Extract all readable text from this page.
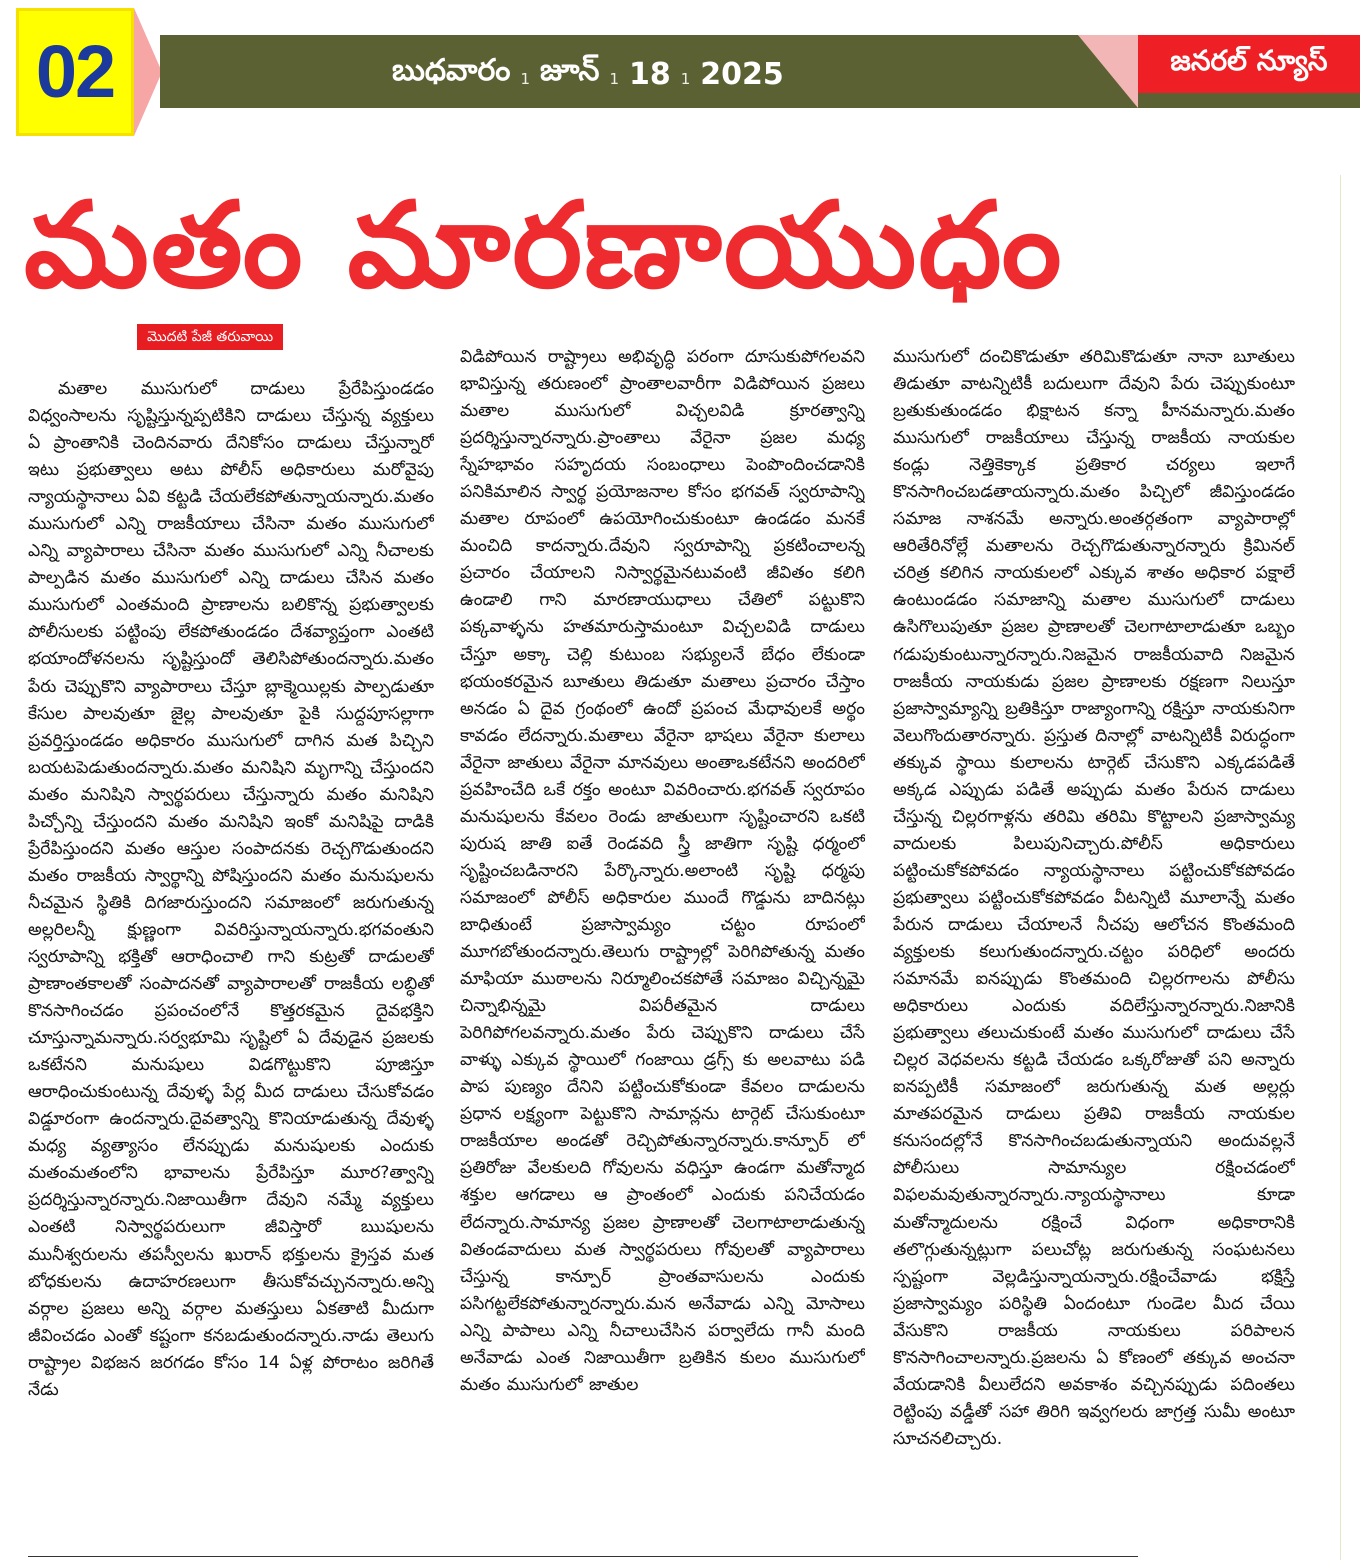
02	బుధవారం 1 జూన్ 1 18 1 2025	జనరల్ న్యూస్
మతం మారణాయుధం
మొదటి పేజీ తరువాయి

మతాల ముసుగులో దాడులు ప్రేరేపిస్తుండడం విధ్వంసాలను సృష్టిస్తున్నప్పటికిని దాడులు చేస్తున్న వ్యక్తులు ఏ ప్రాంతానికి చెందినవారు దేనికోసం దాడులు చేస్తున్నారో ఇటు ప్రభుత్వాలు అటు పోలీస్ అధికారులు మరోవైపు న్యాయస్థానాలు ఏవి కట్టడి చేయలేకపోతున్నాయన్నారు.మతం ముసుగులో ఎన్ని రాజకీయాలు చేసినా మతం ముసుగులో ఎన్ని వ్యాపారాలు చేసినా మతం ముసుగులో ఎన్ని నీచాలకు పాల్పడిన మతం ముసుగులో ఎన్ని దాడులు చేసిన మతం ముసుగులో ఎంతమంది ప్రాణాలను బలికొన్న ప్రభుత్వాలకు పోలీసులకు పట్టింపు లేకపోతుండడం దేశవ్యాప్తంగా ఎంతటి భయాందోళనలను సృష్టిస్తుందో తెలిసిపోతుందన్నారు.మతం పేరు చెప్పుకొని వ్యాపారాలు చేస్తూ బ్లాక్మెయిల్లకు పాల్పడుతూ కేసుల పాలవుతూ జైల్ల పాలవుతూ పైకి సుద్దపూసల్లాగా ప్రవర్తిస్తుండడం అధికారం ముసుగులో దాగిన మత పిచ్చిని బయటపెడుతుందన్నారు.మతం మనిషిని మృగాన్ని చేస్తుందని మతం మనిషిని స్వార్థపరులు చేస్తున్నారు మతం మనిషిని పిచ్చోన్ని చేస్తుందని మతం మనిషిని ఇంకో మనిషిపై దాడికి ప్రేరేపిస్తుందని మతం ఆస్తుల సంపాదనకు రెచ్చగొడుతుందని మతం రాజకీయ స్వార్థాన్ని పోషిస్తుందని మతం మనుషులను నీచమైన స్థితికి దిగజారుస్తుందని సమాజంలో జరుగుతున్న అల్లరిలన్నీ క్షుణ్ణంగా వివరిస్తున్నాయన్నారు.భగవంతుని స్వరూపాన్ని భక్తితో ఆరాధించాలి గాని కుట్రతో దాడులతో ప్రాణాంతకాలతో సంపాదనతో వ్యాపారాలతో రాజకీయ లబ్ధితో కొనసాగించడం ప్రపంచంలోనే కొత్తరకమైన దైవభక్తిని చూస్తున్నామన్నారు.సర్వభూమి సృష్టిలో ఏ దేవుడైన ప్రజలకు ఒకటేనని మనుషులు విడగొట్టుకొని పూజిస్తూ ఆరాధించుకుంటున్న దేవుళ్ళ పేర్ల మీద దాడులు చేసుకోవడం విడ్డూరంగా ఉందన్నారు.దైవత్వాన్ని కొనియాడుతున్న దేవుళ్ళ మధ్య వ్యత్యాసం లేనప్పుడు మనుషులకు ఎందుకు మతంమతంలోని భావాలను ప్రేరేపిస్తూ మూర?త్వాన్ని ప్రదర్శిస్తున్నారన్నారు.నిజాయితీగా దేవుని నమ్మే వ్యక్తులు ఎంతటి నిస్వార్థపరులుగా జీవిస్తారో ఋషులను మునీశ్వరులను తపస్వీలను ఖురాన్ భక్తులను క్రైస్తవ మత బోధకులను ఉదాహరణలుగా తీసుకోవచ్చునన్నారు.అన్ని వర్గాల ప్రజలు అన్ని వర్గాల మతస్తులు ఏకతాటి మీదుగా జీవించడం ఎంతో కష్టంగా కనబడుతుందన్నారు.నాడు తెలుగు రాష్ట్రాల విభజన జరగడం కోసం 14 ఏళ్ల పోరాటం జరిగితే నేడు

విడిపోయిన రాష్ట్రాలు అభివృద్ధి పరంగా దూసుకుపోగలవని భావిస్తున్న తరుణంలో ప్రాంతాలవారీగా విడిపోయిన ప్రజలు మతాల ముసుగులో విచ్చలవిడి క్రూరత్వాన్ని ప్రదర్శిస్తున్నారన్నారు.ప్రాంతాలు వేరైనా ప్రజల మధ్య స్నేహభావం సహృదయ సంబంధాలు పెంపొందించడానికి పనికిమాలిన స్వార్థ ప్రయోజనాల కోసం భగవత్ స్వరూపాన్ని మతాల రూపంలో ఉపయోగించుకుంటూ ఉండడం మనకే మంచిది కాదన్నారు.దేవుని స్వరూపాన్ని ప్రకటించాలన్న ప్రచారం చేయాలని నిస్వార్థమైనటువంటి జీవితం కలిగి ఉండాలి గాని మారణాయుధాలు చేతిలో పట్టుకొని పక్కవాళ్ళను హతమారుస్తామంటూ విచ్చలవిడి దాడులు చేస్తూ అక్కా చెల్లి కుటుంబ సభ్యులనే బేధం లేకుండా భయంకరమైన బూతులు తిడుతూ మతాలు ప్రచారం చేస్తాం అనడం ఏ దైవ గ్రంథంలో ఉందో ప్రపంచ మేధావులకే అర్థం కావడం లేదన్నారు.మతాలు వేరైనా భాషలు వేరైనా కులాలు వేరైనా జాతులు వేరైనా మానవులు అంతాఒకటేనని అందరిలో ప్రవహించేది ఒకే రక్తం అంటూ వివరించారు.భగవత్ స్వరూపం మనుషులను కేవలం రెండు జాతులుగా సృష్టించారని ఒకటి పురుష జాతి ఐతే రెండవది స్త్రీ జాతిగా సృష్టి ధర్మంలో సృష్టించబడినారని పేర్కొన్నారు.అలాంటి సృష్టి ధర్మపు సమాజంలో పోలీస్ అధికారుల ముందే గొడ్డును బాదినట్లు బాధితుంటే ప్రజాస్వామ్యం చట్టం రూపంలో మూగబోతుందన్నారు.తెలుగు రాష్ట్రాల్లో పెరిగిపోతున్న మతం మాఫియా ముఠాలను నిర్మూలించకపోతే సమాజం విచ్చిన్నమై చిన్నాభిన్నమై విపరీతమైన దాడులు పెరిగిపోగలవన్నారు.మతం పేరు చెప్పుకొని దాడులు చేసే వాళ్ళు ఎక్కువ స్థాయిలో గంజాయి డ్రగ్స్ కు అలవాటు పడి పాప పుణ్యం దేనిని పట్టించుకోకుండా కేవలం దాడులను ప్రధాన లక్ష్యంగా పెట్టుకొని సామాన్లను టార్గెట్ చేసుకుంటూ రాజకీయాల అండతో రెచ్చిపోతున్నారన్నారు.కాన్పూర్ లో ప్రతిరోజు వేలకులది గోవులను వధిస్తూ ఉండగా మతోన్మాద శక్తుల ఆగడాలు ఆ ప్రాంతంలో ఎందుకు పనిచేయడం లేదన్నారు.సామాన్య ప్రజల ప్రాణాలతో చెలగాటాలాడుతున్న వితండవాదులు మత స్వార్థపరులు గోవులతో వ్యాపారాలు చేస్తున్న కాన్పూర్ ప్రాంతవాసులను ఎందుకు పసిగట్టలేకపోతున్నారన్నారు.మన అనేవాడు ఎన్ని మోసాలు ఎన్ని పాపాలు ఎన్ని నీచాలుచేసిన పర్వాలేదు గానీ మంది అనేవాడు ఎంత నిజాయితీగా బ్రతికిన కులం ముసుగులో మతం ముసుగులో జాతుల

ముసుగులో దంచికొడుతూ తరిమికొడుతూ నానా బూతులు తిడుతూ వాటన్నిటికీ బదులుగా దేవుని పేరు చెప్పుకుంటూ బ్రతుకుతుండడం భిక్షాటన కన్నా హీనమన్నారు.మతం ముసుగులో రాజకీయాలు చేస్తున్న రాజకీయ నాయకుల కండ్లు నెత్తికెక్కాక ప్రతికార చర్యలు ఇలాగే కొనసాగించబడతాయన్నారు.మతం పిచ్చిలో జీవిస్తుండడం సమాజ నాశనమే అన్నారు.అంతర్గతంగా వ్యాపారాల్లో ఆరితేరినోల్లే మతాలను రెచ్చగొడుతున్నారన్నారు క్రిమినల్ చరిత్ర కలిగిన నాయకులలో ఎక్కువ శాతం అధికార పక్షాలే ఉంటుండడం సమాజాన్ని మతాల ముసుగులో దాడులు ఉసిగొలుపుతూ ప్రజల ప్రాణాలతో చెలగాటాలాడుతూ ఒబ్బం గడుపుకుంటున్నారన్నారు.నిజమైన రాజకీయవాది నిజమైన రాజకీయ నాయకుడు ప్రజల ప్రాణాలకు రక్షణగా నిలుస్తూ ప్రజాస్వామ్యాన్ని బ్రతికిస్తూ రాజ్యాంగాన్ని రక్షిస్తూ నాయకునిగా వెలుగొందుతారన్నారు. ప్రస్తుత దినాల్లో వాటన్నిటికీ విరుద్ధంగా తక్కువ స్థాయి కులాలను టార్గెట్ చేసుకొని ఎక్కడపడితే అక్కడ ఎప్పుడు పడితే అప్పుడు మతం పేరున దాడులు చేస్తున్న చిల్లరగాళ్లను తరిమి తరిమి కొట్టాలని ప్రజాస్వామ్య వాదులకు పిలుపునిచ్చారు.పోలీస్ అధికారులు పట్టించుకోకపోవడం న్యాయస్థానాలు పట్టించుకోకపోవడం ప్రభుత్వాలు పట్టించుకోకపోవడం వీటన్నిటి మూలాన్నే మతం పేరున దాడులు చేయాలనే నీచపు ఆలోచన కొంతమంది వ్యక్తులకు కలుగుతుందన్నారు.చట్టం పరిధిలో అందరు సమానమే ఐనప్పుడు కొంతమంది చిల్లరగాలను పోలీసు అధికారులు ఎందుకు వదిలేస్తున్నారన్నారు.నిజానికి ప్రభుత్వాలు తలుచుకుంటే మతం ముసుగులో దాడులు చేసే చిల్లర వెధవలను కట్టడి చేయడం ఒక్కరోజుతో పని అన్నారు ఐనప్పటికీ సమాజంలో జరుగుతున్న మత అల్లర్లు మాతపరమైన దాడులు ప్రతివి రాజకీయ నాయకుల కనుసందల్లోనే కొనసాగించబడుతున్నాయని అందువల్లనే పోలీసులు సామాన్యుల రక్షించడంలో విఫలమవుతున్నారన్నారు.న్యాయస్థానాలు కూడా మతోన్మాదులను రక్షించే విధంగా అధికారానికి తలొగ్గుతున్నట్లుగా పలుచోట్ల జరుగుతున్న సంఘటనలు స్పష్టంగా వెల్లడిస్తున్నాయన్నారు.రక్షించేవాడు భక్షిస్తే ప్రజాస్వామ్యం పరిస్థితి ఏందంటూ గుండెల మీద చేయి వేసుకొని రాజకీయ నాయకులు పరిపాలన కొనసాగించాలన్నారు.ప్రజలను ఏ కోణంలో తక్కువ అంచనా వేయడానికి వీలులేదని అవకాశం వచ్చినప్పుడు పదింతలు రెట్టింపు వడ్డీతో సహా తిరిగి ఇవ్వగలరు జాగ్రత్త సుమీ అంటూ సూచనలిచ్చారు.
